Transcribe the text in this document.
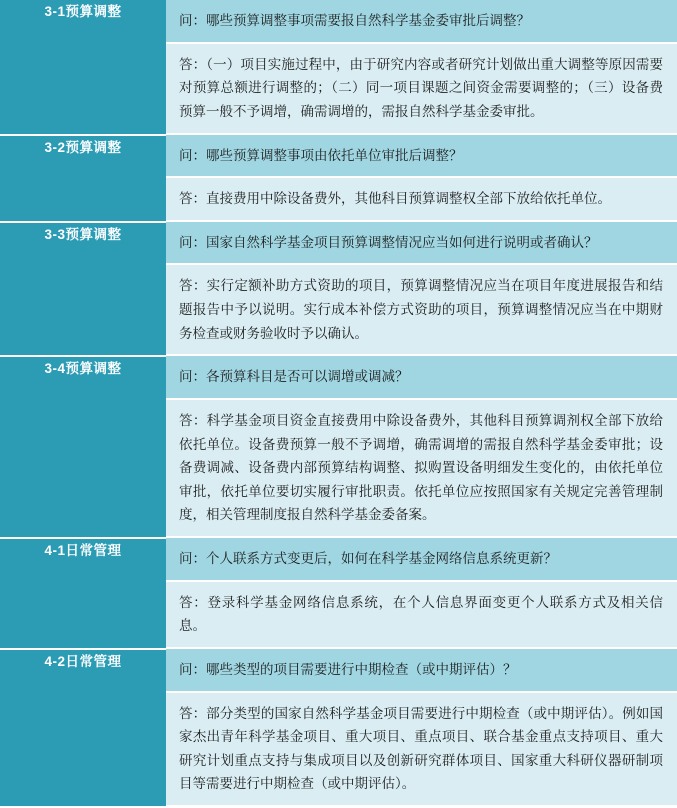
3-1预算调整	问：哪些预算调整事项需要报自然科学基金委审批后调整？
答：（一）项目实施过程中，由于研究内容或者研究计划做出重大调整等原因需要对预算总额进行调整的；（二）同一项目课题之间资金需要调整的；（三）设备费预算一般不予调增，确需调增的，需报自然科学基金委审批。

3-2预算调整	问：哪些预算调整事项由依托单位审批后调整？
答：直接费用中除设备费外，其他科目预算调整权全部下放给依托单位。

3-3预算调整	问：国家自然科学基金项目预算调整情况应当如何进行说明或者确认？
答：实行定额补助方式资助的项目，预算调整情况应当在项目年度进展报告和结题报告中予以说明。实行成本补偿方式资助的项目，预算调整情况应当在中期财务检查或财务验收时予以确认。

3-4预算调整	问：各预算科目是否可以调增或调减？
答：科学基金项目资金直接费用中除设备费外，其他科目预算调剂权全部下放给依托单位。设备费预算一般不予调增，确需调增的需报自然科学基金委审批；设备费调减、设备费内部预算结构调整、拟购置设备明细发生变化的，由依托单位审批，依托单位要切实履行审批职责。依托单位应按照国家有关规定完善管理制度，相关管理制度报自然科学基金委备案。

4-1日常管理	问：个人联系方式变更后，如何在科学基金网络信息系统更新？
答：登录科学基金网络信息系统，在个人信息界面变更个人联系方式及相关信息。

4-2日常管理	问：哪些类型的项目需要进行中期检查（或中期评估）？
答：部分类型的国家自然科学基金项目需要进行中期检查（或中期评估）。例如国家杰出青年科学基金项目、重大项目、重点项目、联合基金重点支持项目、重大研究计划重点支持与集成项目以及创新研究群体项目、国家重大科研仪器研制项目等需要进行中期检查（或中期评估）。
